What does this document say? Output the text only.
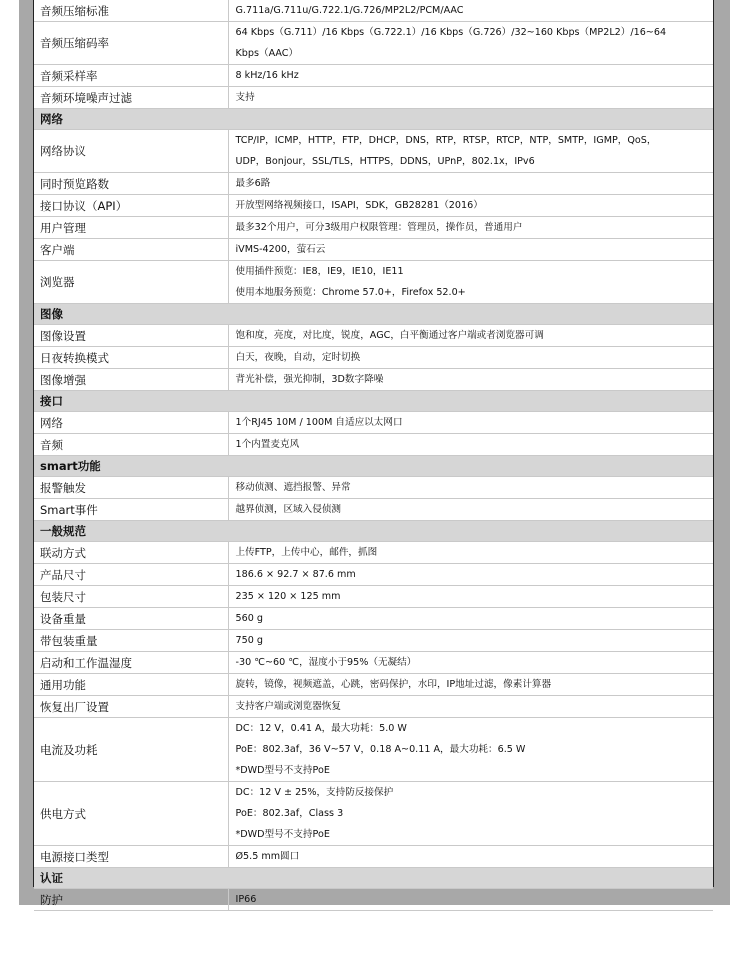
音频压缩标准	G.711a/G.711u/G.722.1/G.726/MP2L2/PCM/AAC

音频压缩码率	64 Kbps（G.711）/16 Kbps（G.722.1）/16 Kbps（G.726）/32~160 Kbps（MP2L2）/16~64
Kbps（AAC）

音频采样率	8 kHz/16 kHz

音频环境噪声过滤	支持

网络	
网络协议	TCP/IP，ICMP，HTTP，FTP，DHCP，DNS，RTP，RTSP，RTCP，NTP，SMTP，IGMP，QoS，
UDP，Bonjour，SSL/TLS，HTTPS，DDNS，UPnP，802.1x，IPv6

同时预览路数	最多6路

接口协议（API）	开放型网络视频接口，ISAPI，SDK，GB28281（2016）

用户管理	最多32个用户，可分3级用户权限管理：管理员，操作员，普通用户

客户端	iVMS-4200，萤石云

浏览器	使用插件预览：IE8，IE9，IE10，IE11
使用本地服务预览：Chrome 57.0+，Firefox 52.0+

图像	
图像设置	饱和度，亮度，对比度，锐度，AGC，白平衡通过客户端或者浏览器可调

日夜转换模式	白天，夜晚，自动，定时切换

图像增强	背光补偿，强光抑制，3D数字降噪

接口	
网络	1个RJ45 10M / 100M 自适应以太网口

音频	1个内置麦克风

smart功能	
报警触发	移动侦测、遮挡报警、异常

Smart事件	越界侦测，区域入侵侦测

一般规范	
联动方式	上传FTP，上传中心，邮件，抓图

产品尺寸	186.6 × 92.7 × 87.6 mm

包装尺寸	235 × 120 × 125 mm

设备重量	560 g

带包装重量	750 g

启动和工作温湿度	-30 ℃~60 ℃，湿度小于95%（无凝结）

通用功能	旋转，镜像，视频遮盖，心跳，密码保护，水印，IP地址过滤，像素计算器

恢复出厂设置	支持客户端或浏览器恢复

电流及功耗	DC：12 V，0.41 A，最大功耗：5.0 W
PoE：802.3af，36 V~57 V，0.18 A~0.11 A，最大功耗：6.5 W
*DWD型号不支持PoE

供电方式	DC：12 V ± 25%，支持防反接保护
PoE：802.3af，Class 3
*DWD型号不支持PoE

电源接口类型	Ø5.5 mm圆口

认证	
防护	IP66
